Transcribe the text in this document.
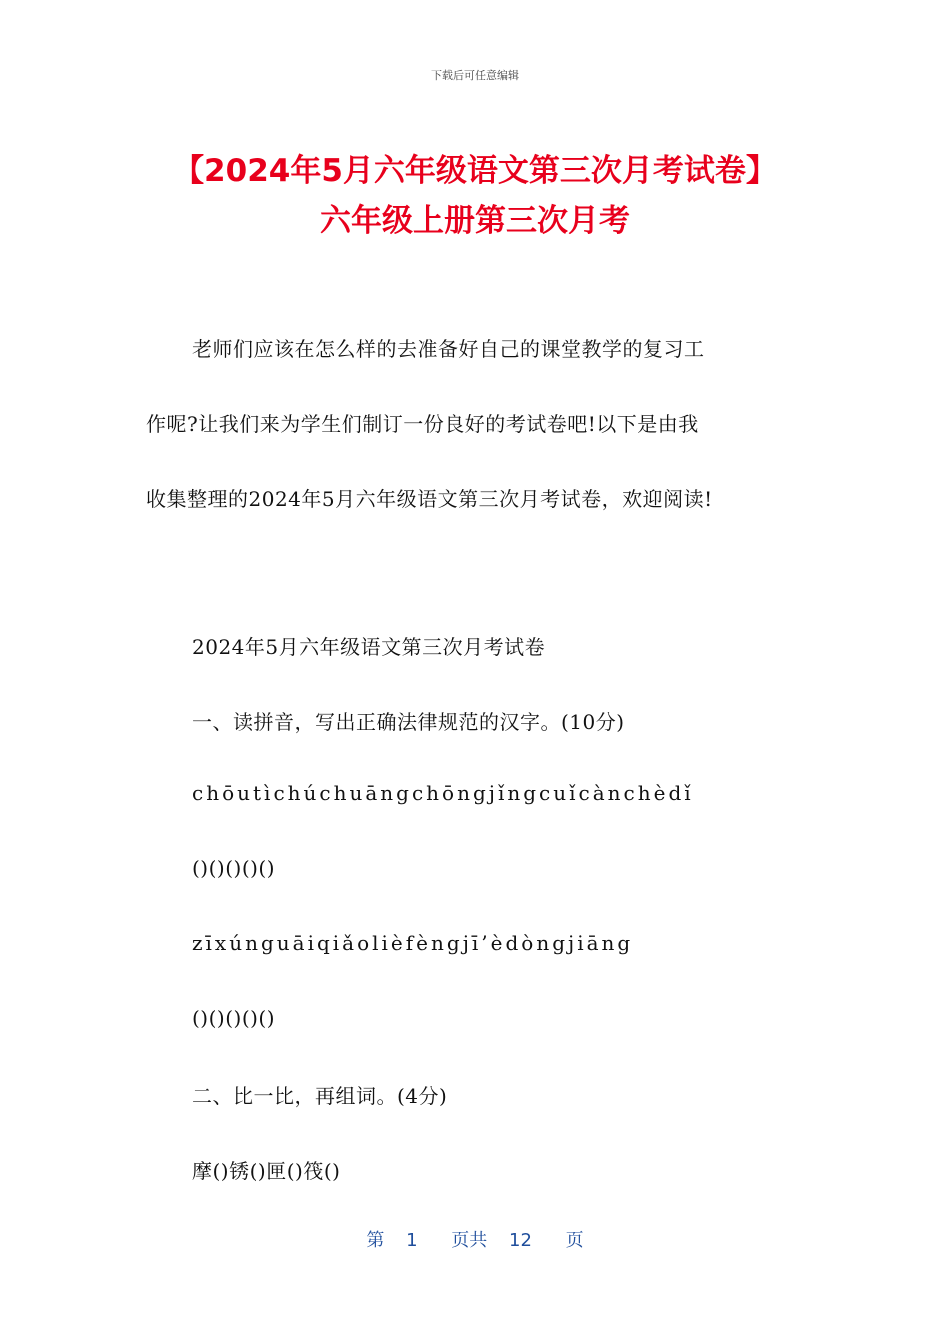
下载后可任意编辑
【2024年5月六年级语文第三次月考试卷】
六年级上册第三次月考
老师们应该在怎么样的去准备好自己的课堂教学的复习工
作呢?让我们来为学生们制订一份良好的考试卷吧!以下是由我
收集整理的2024年5月六年级语文第三次月考试卷，欢迎阅读!
2024年5月六年级语文第三次月考试卷
一、读拼音，写出正确法律规范的汉字。(10分)
chōutìchúchuāngchōngjǐngcuǐcànchèdǐ
()()()()()
zīxúnguāiqiǎolièfèngjī’èdòngjiāng
()()()()()
二、比一比，再组词。(4分)
摩()锈()匣()筏()
第 1 页共 12 页
